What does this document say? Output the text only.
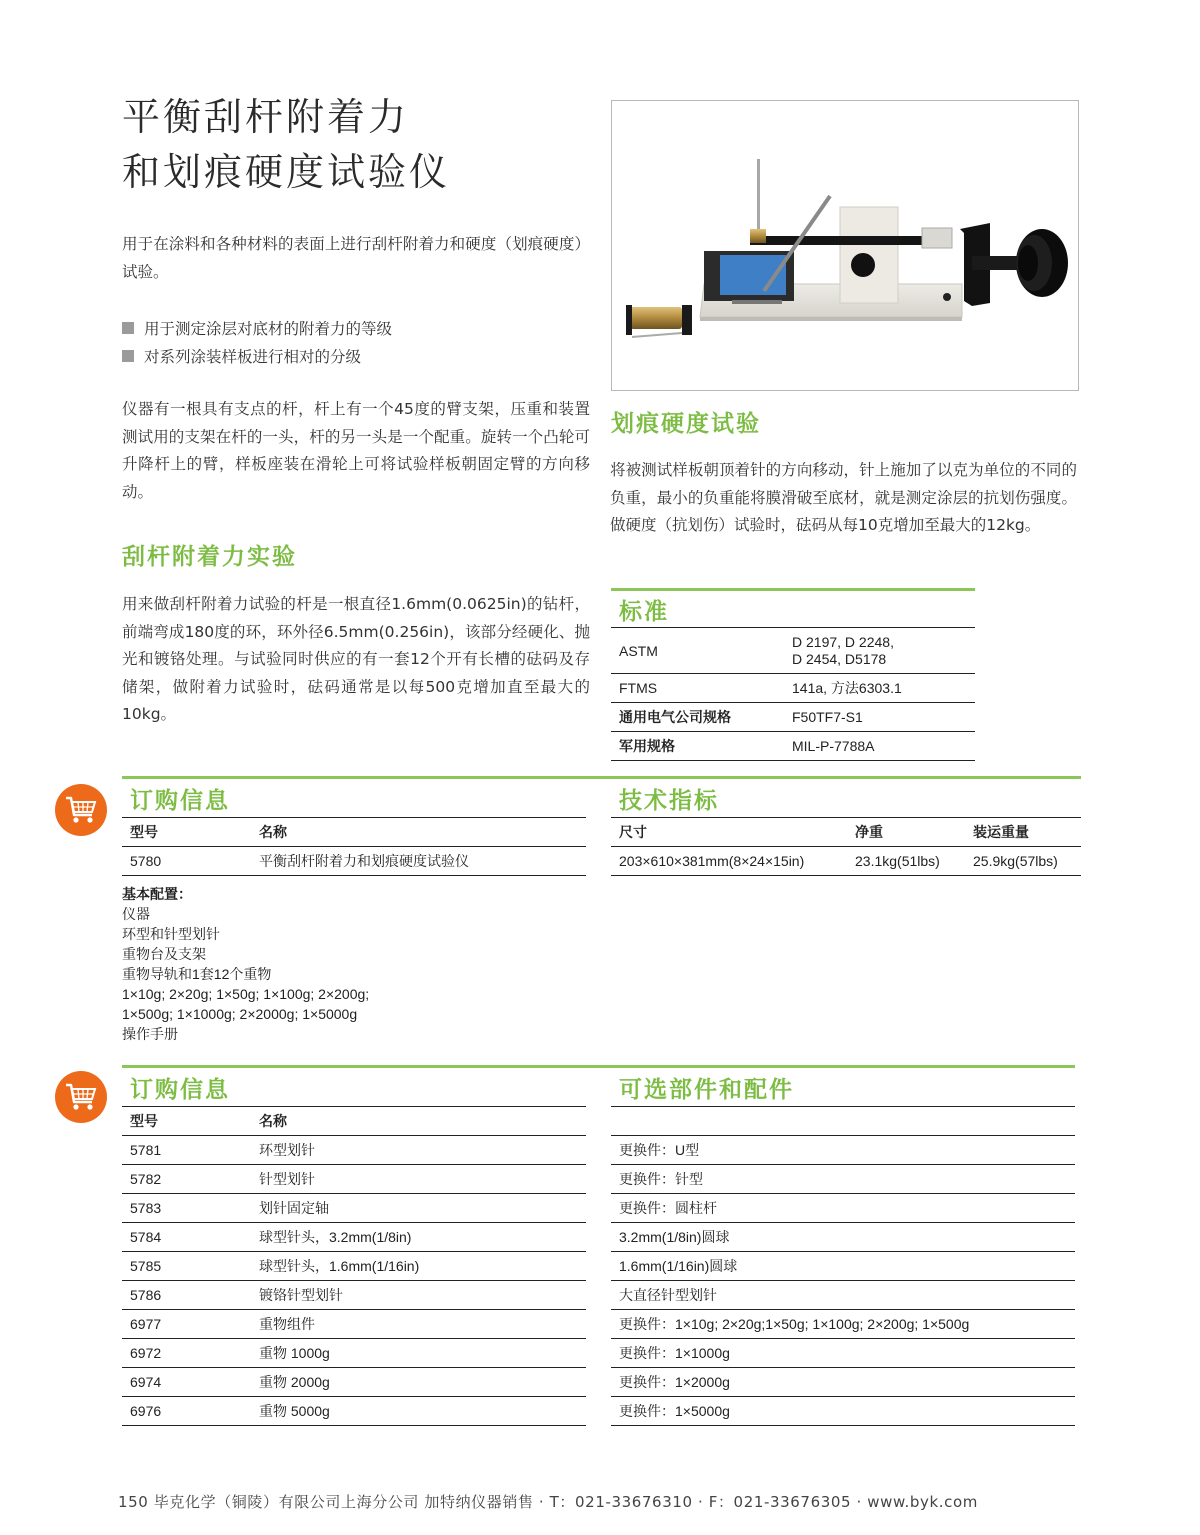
平衡刮杆附着力
和划痕硬度试验仪

用于在涂料和各种材料的表面上进行刮杆附着力和硬度（划痕硬度）试验。

用于测定涂层对底材的附着力的等级
对系列涂装样板进行相对的分级

仪器有一根具有支点的杆，杆上有一个45度的臂支架，压重和装置测试用的支架在杆的一头，杆的另一头是一个配重。旋转一个凸轮可升降杆上的臂，样板座装在滑轮上可将试验样板朝固定臂的方向移动。

刮杆附着力实验

用来做刮杆附着力试验的杆是一根直径1.6mm(0.0625in)的钻杆，前端弯成180度的环，环外径6.5mm(0.256in)，该部分经硬化、抛光和镀铬处理。与试验同时供应的有一套12个开有长槽的砝码及存储架，做附着力试验时，砝码通常是以每500克增加直至最大的10kg。

划痕硬度试验

将被测试样板朝顶着针的方向移动，针上施加了以克为单位的不同的负重，最小的负重能将膜滑破至底材，就是测定涂层的抗划伤强度。做硬度（抗划伤）试验时，砝码从每10克增加至最大的12kg。

标准
ASTM	D 2197, D 2248,
D 2454, D5178

FTMS	141a, 方法6303.1
通用电气公司规格	F50TF7-S1
军用规格	MIL-P-7788A
订购信息
型号	名称
5780	平衡刮杆附着力和划痕硬度试验仪
基本配置：
仪器
环型和针型划针
重物台及支架
重物导轨和1套12个重物
1×10g; 2×20g; 1×50g; 1×100g; 2×200g;
1×500g; 1×1000g; 2×2000g; 1×5000g
操作手册
技术指标
尺寸	净重	装运重量
203×610×381mm(8×24×15in)	23.1kg(51lbs)	25.9kg(57lbs)
订购信息
型号	名称
5781	环型划针
5782	针型划针
5783	划针固定轴
5784	球型针头，3.2mm(1/8in)
5785	球型针头，1.6mm(1/16in)
5786	镀铬针型划针
6977	重物组件
6972	重物 1000g
6974	重物 2000g
6976	重物 5000g
可选部件和配件

更换件：U型
更换件：针型
更换件：圆柱杆
3.2mm(1/8in)圆球
1.6mm(1/16in)圆球
大直径针型划针
更换件：1×10g; 2×20g;1×50g; 1×100g; 2×200g; 1×500g
更换件：1×1000g
更换件：1×2000g
更换件：1×5000g
150 毕克化学（铜陵）有限公司上海分公司 加特纳仪器销售 · T：021-33676310 · F：021-33676305 · www.byk.com
